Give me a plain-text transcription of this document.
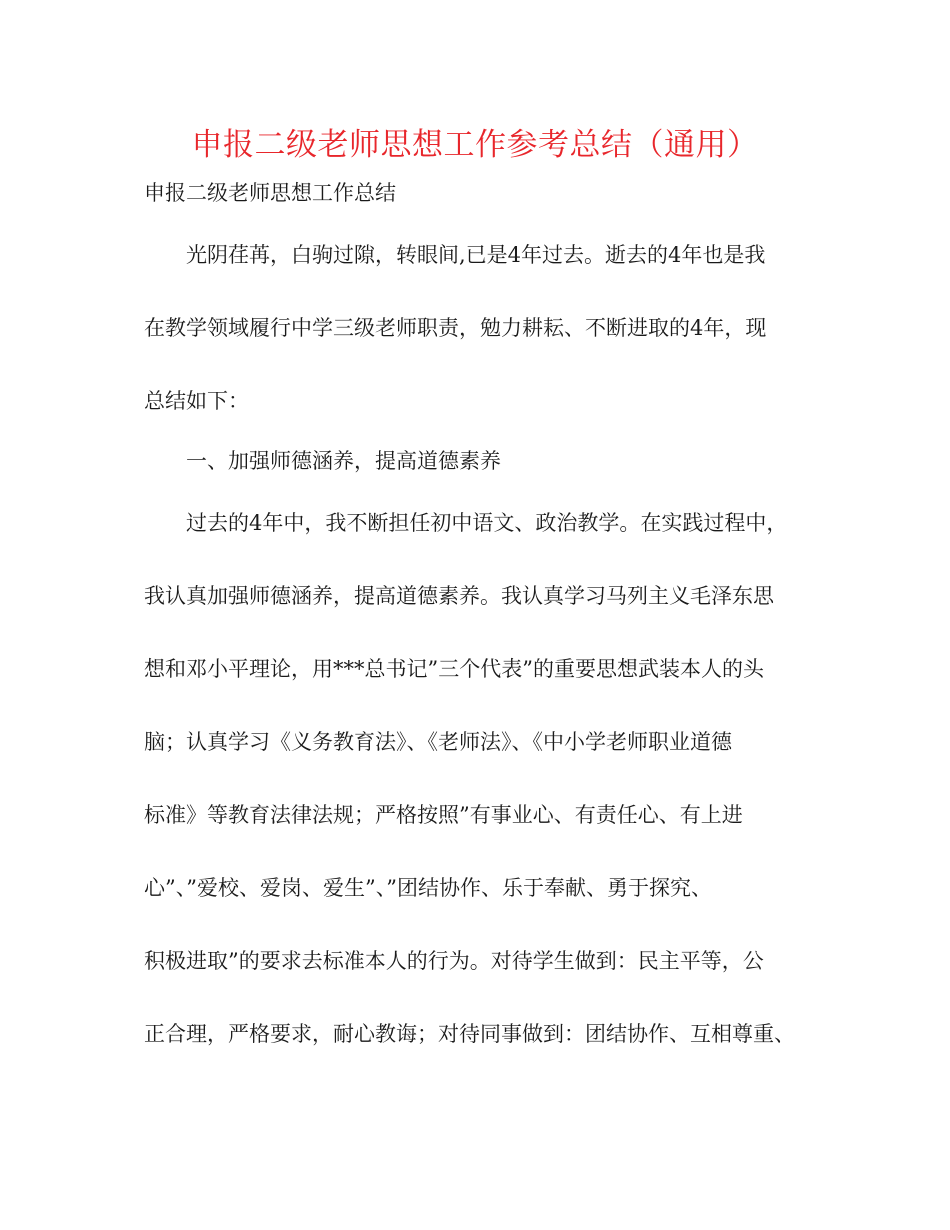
申报二级老师思想工作参考总结（通用）
申报二级老师思想工作总结
光阴荏苒，白驹过隙，转眼间,已是4年过去。逝去的4年也是我
在教学领域履行中学三级老师职责，勉力耕耘、不断进取的4年，现
总结如下：
一、加强师德涵养，提高道德素养
过去的4年中，我不断担任初中语文、政治教学。在实践过程中，
我认真加强师德涵养，提高道德素养。我认真学习马列主义毛泽东思
想和邓小平理论，用***总书记”三个代表”的重要思想武装本人的头
脑；认真学习《义务教育法》、《老师法》、《中小学老师职业道德
标准》等教育法律法规；严格按照”有事业心、有责任心、有上进
心”、”爱校、爱岗、爱生”、”团结协作、乐于奉献、勇于探究、
积极进取”的要求去标准本人的行为。对待学生做到：民主平等，公
正合理，严格要求，耐心教诲；对待同事做到：团结协作、互相尊重、
